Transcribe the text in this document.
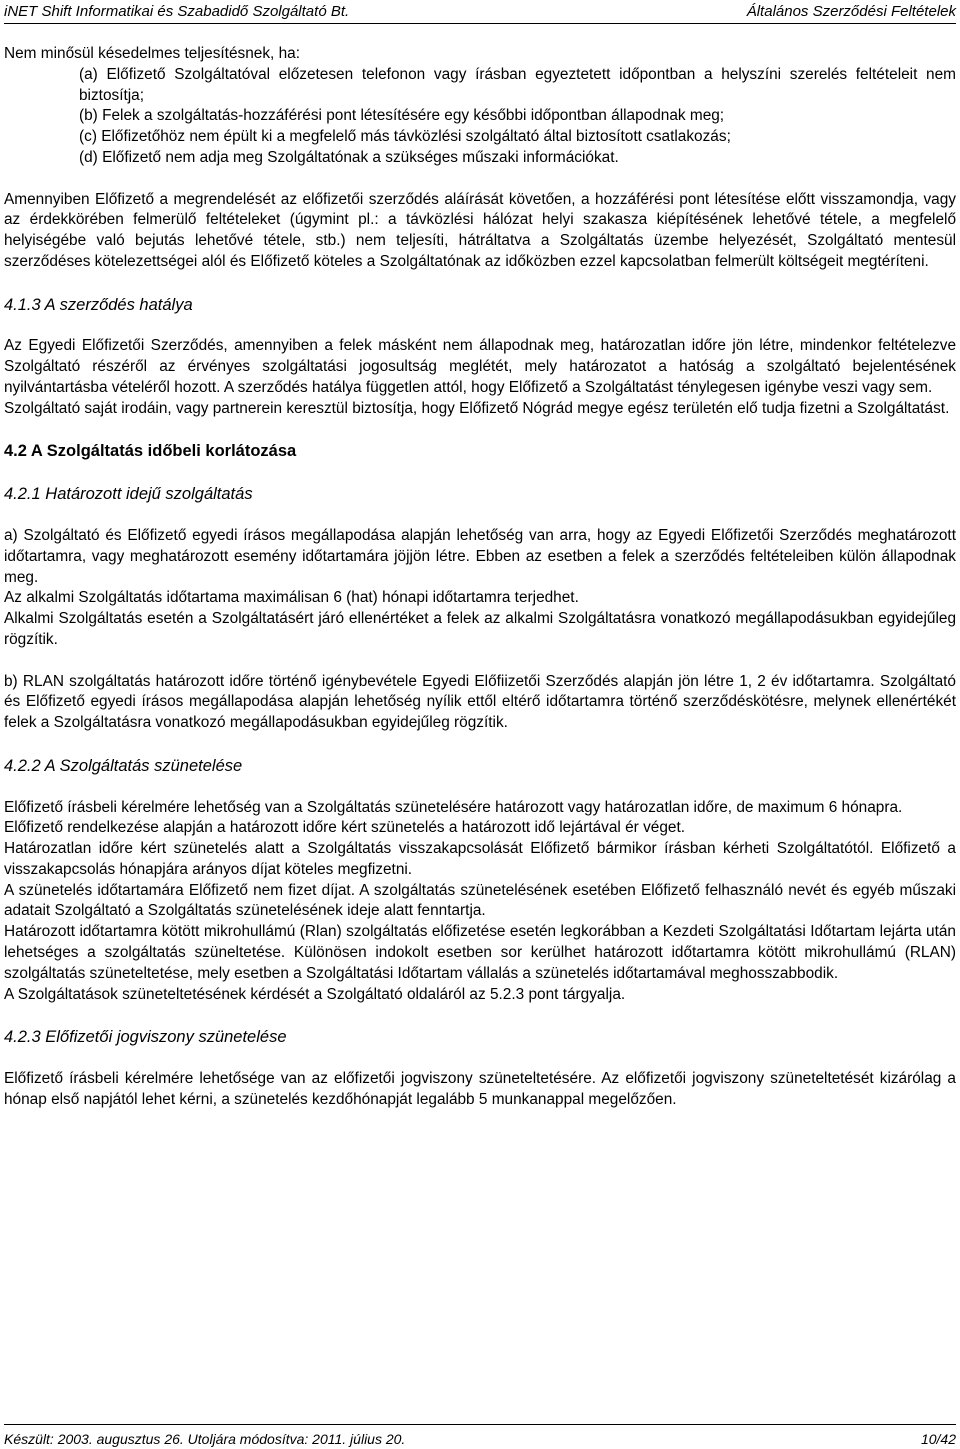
iNET Shift Informatikai és Szabadidő Szolgáltató Bt.	Általános Szerződési Feltételek

Nem minősül késedelmes teljesítésnek, ha:

(a) Előfizető Szolgáltatóval előzetesen telefonon vagy írásban egyeztetett időpontban a helyszíni szerelés feltételeit nem biztosítja;

(b) Felek a szolgáltatás-hozzáférési pont létesítésére egy későbbi időpontban állapodnak meg;

(c) Előfizetőhöz nem épült ki a megfelelő más távközlési szolgáltató által biztosított csatlakozás;

(d) Előfizető nem adja meg Szolgáltatónak a szükséges műszaki információkat.

Amennyiben Előfizető a megrendelését az előfizetői szerződés aláírását követően, a hozzáférési pont létesítése előtt visszamondja, vagy az érdekkörében felmerülő feltételeket (úgymint pl.: a távközlési hálózat helyi szakasza kiépítésének lehetővé tétele, a megfelelő helyiségébe való bejutás lehetővé tétele, stb.) nem teljesíti, hátráltatva a Szolgáltatás üzembe helyezését, Szolgáltató mentesül szerződéses kötelezettségei alól és Előfizető köteles a Szolgáltatónak az időközben ezzel kapcsolatban felmerült költségeit megtéríteni.

4.1.3 A szerződés hatálya

Az Egyedi Előfizetői Szerződés, amennyiben a felek másként nem állapodnak meg, határozatlan időre jön létre, mindenkor feltételezve Szolgáltató részéről az érvényes szolgáltatási jogosultság meglétét, mely határozatot a hatóság a szolgáltató bejelentésének nyilvántartásba vételéről hozott. A szerződés hatálya független attól, hogy Előfizető a Szolgáltatást ténylegesen igénybe veszi vagy sem.

Szolgáltató saját irodáin, vagy partnerein keresztül biztosítja, hogy Előfizető Nógrád megye egész területén elő tudja fizetni a Szolgáltatást.

4.2 A Szolgáltatás időbeli korlátozása
4.2.1 Határozott idejű szolgáltatás

a) Szolgáltató és Előfizető egyedi írásos megállapodása alapján lehetőség van arra, hogy az Egyedi Előfizetői Szerződés meghatározott időtartamra, vagy meghatározott esemény időtartamára jöjjön létre. Ebben az esetben a felek a szerződés feltételeiben külön állapodnak meg.

Az alkalmi Szolgáltatás időtartama maximálisan 6 (hat) hónapi időtartamra terjedhet.

Alkalmi Szolgáltatás esetén a Szolgáltatásért járó ellenértéket a felek az alkalmi Szolgáltatásra vonatkozó megállapodásukban egyidejűleg rögzítik.

b) RLAN szolgáltatás határozott időre történő igénybevétele Egyedi Előfiizetői Szerződés alapján jön létre 1, 2 év időtartamra. Szolgáltató és Előfizető egyedi írásos megállapodása alapján lehetőség nyílik ettől eltérő időtartamra történő szerződéskötésre, melynek ellenértékét felek a Szolgáltatásra vonatkozó megállapodásukban egyidejűleg rögzítik.

4.2.2 A Szolgáltatás szünetelése

Előfizető írásbeli kérelmére lehetőség van a Szolgáltatás szünetelésére határozott vagy határozatlan időre, de maximum 6 hónapra.

Előfizető rendelkezése alapján a határozott időre kért szünetelés a határozott idő lejártával ér véget.

Határozatlan időre kért szünetelés alatt a Szolgáltatás visszakapcsolását Előfizető bármikor írásban kérheti Szolgáltatótól. Előfizető a visszakapcsolás hónapjára arányos díjat köteles megfizetni.

A szünetelés időtartamára Előfizető nem fizet díjat. A szolgáltatás szünetelésének esetében Előfizető felhasználó nevét és egyéb műszaki adatait Szolgáltató a Szolgáltatás szünetelésének ideje alatt fenntartja.

Határozott időtartamra kötött mikrohullámú (Rlan) szolgáltatás előfizetése esetén legkorábban a Kezdeti Szolgáltatási Időtartam lejárta után lehetséges a szolgáltatás szüneltetése. Különösen indokolt esetben sor kerülhet határozott időtartamra kötött mikrohullámú (RLAN) szolgáltatás szüneteltetése, mely esetben a Szolgáltatási Időtartam vállalás a szünetelés időtartamával meghosszabbodik.

A Szolgáltatások szüneteltetésének kérdését a Szolgáltató oldaláról az 5.2.3 pont tárgyalja.

4.2.3 Előfizetői jogviszony szünetelése

Előfizető írásbeli kérelmére lehetősége van az előfizetői jogviszony szüneteltetésére. Az előfizetői jogviszony szüneteltetését kizárólag a hónap első napjától lehet kérni, a szünetelés kezdőhónapját legalább 5 munkanappal megelőzően.

Készült: 2003. augusztus 26. Utoljára módosítva: 2011. július 20.	10/42
